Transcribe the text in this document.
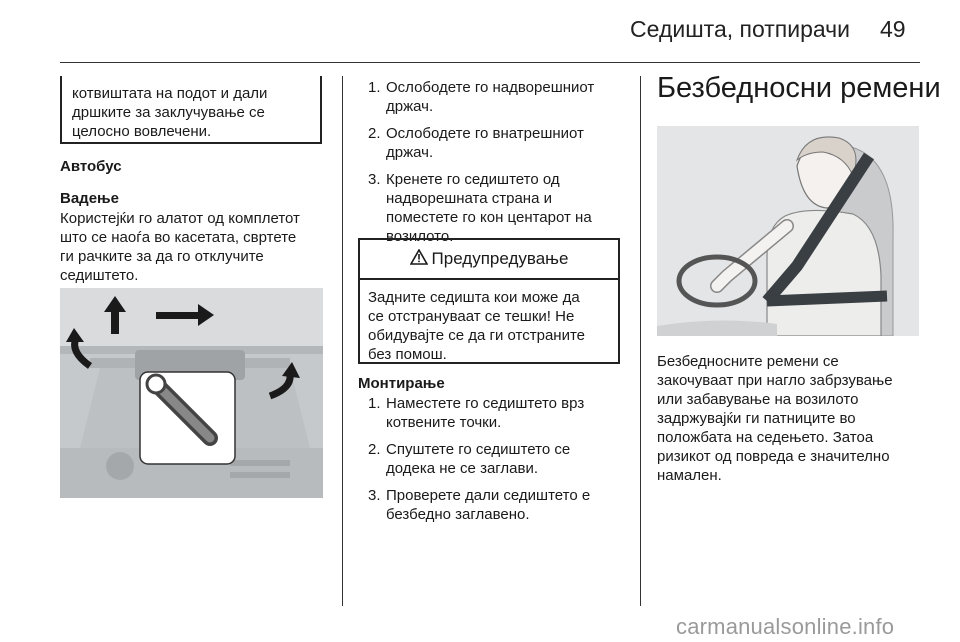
Седишта, потпирачи 49
котвиштата на подот и дали
дршките за заклучување се
целосно вовлечени.
Автобус
Вадење
Користејќи го алатот од комплетот
што се наоѓа во касетата, свртете
ги рачките за да го отклучите
седиштето.
1. Ослободете го надворешниот
држач.
2. Ослободете го внатрешниот
држач.
3. Кренете го седиштето од
надворешната страна и
поместете го кон центарот на
возилото.
Предупредување
Задните седишта кои може да
се отстрануваат се тешки! Не
обидувајте се да ги отстраните
без помош.
Монтирање
1. Наместете го седиштето врз
котвените точки.
2. Спуштете го седиштето се
додека не се заглави.
3. Проверете дали седиштето е
безбедно заглавено.
Безбедносни ремени
Безбедносните ремени се
закочуваат при нагло забрзување
или забавување на возилото
задржувајќи ги патниците во
положбата на седењето. Затоа
ризикот од повреда е значително
намален.
carmanualsonline.info
